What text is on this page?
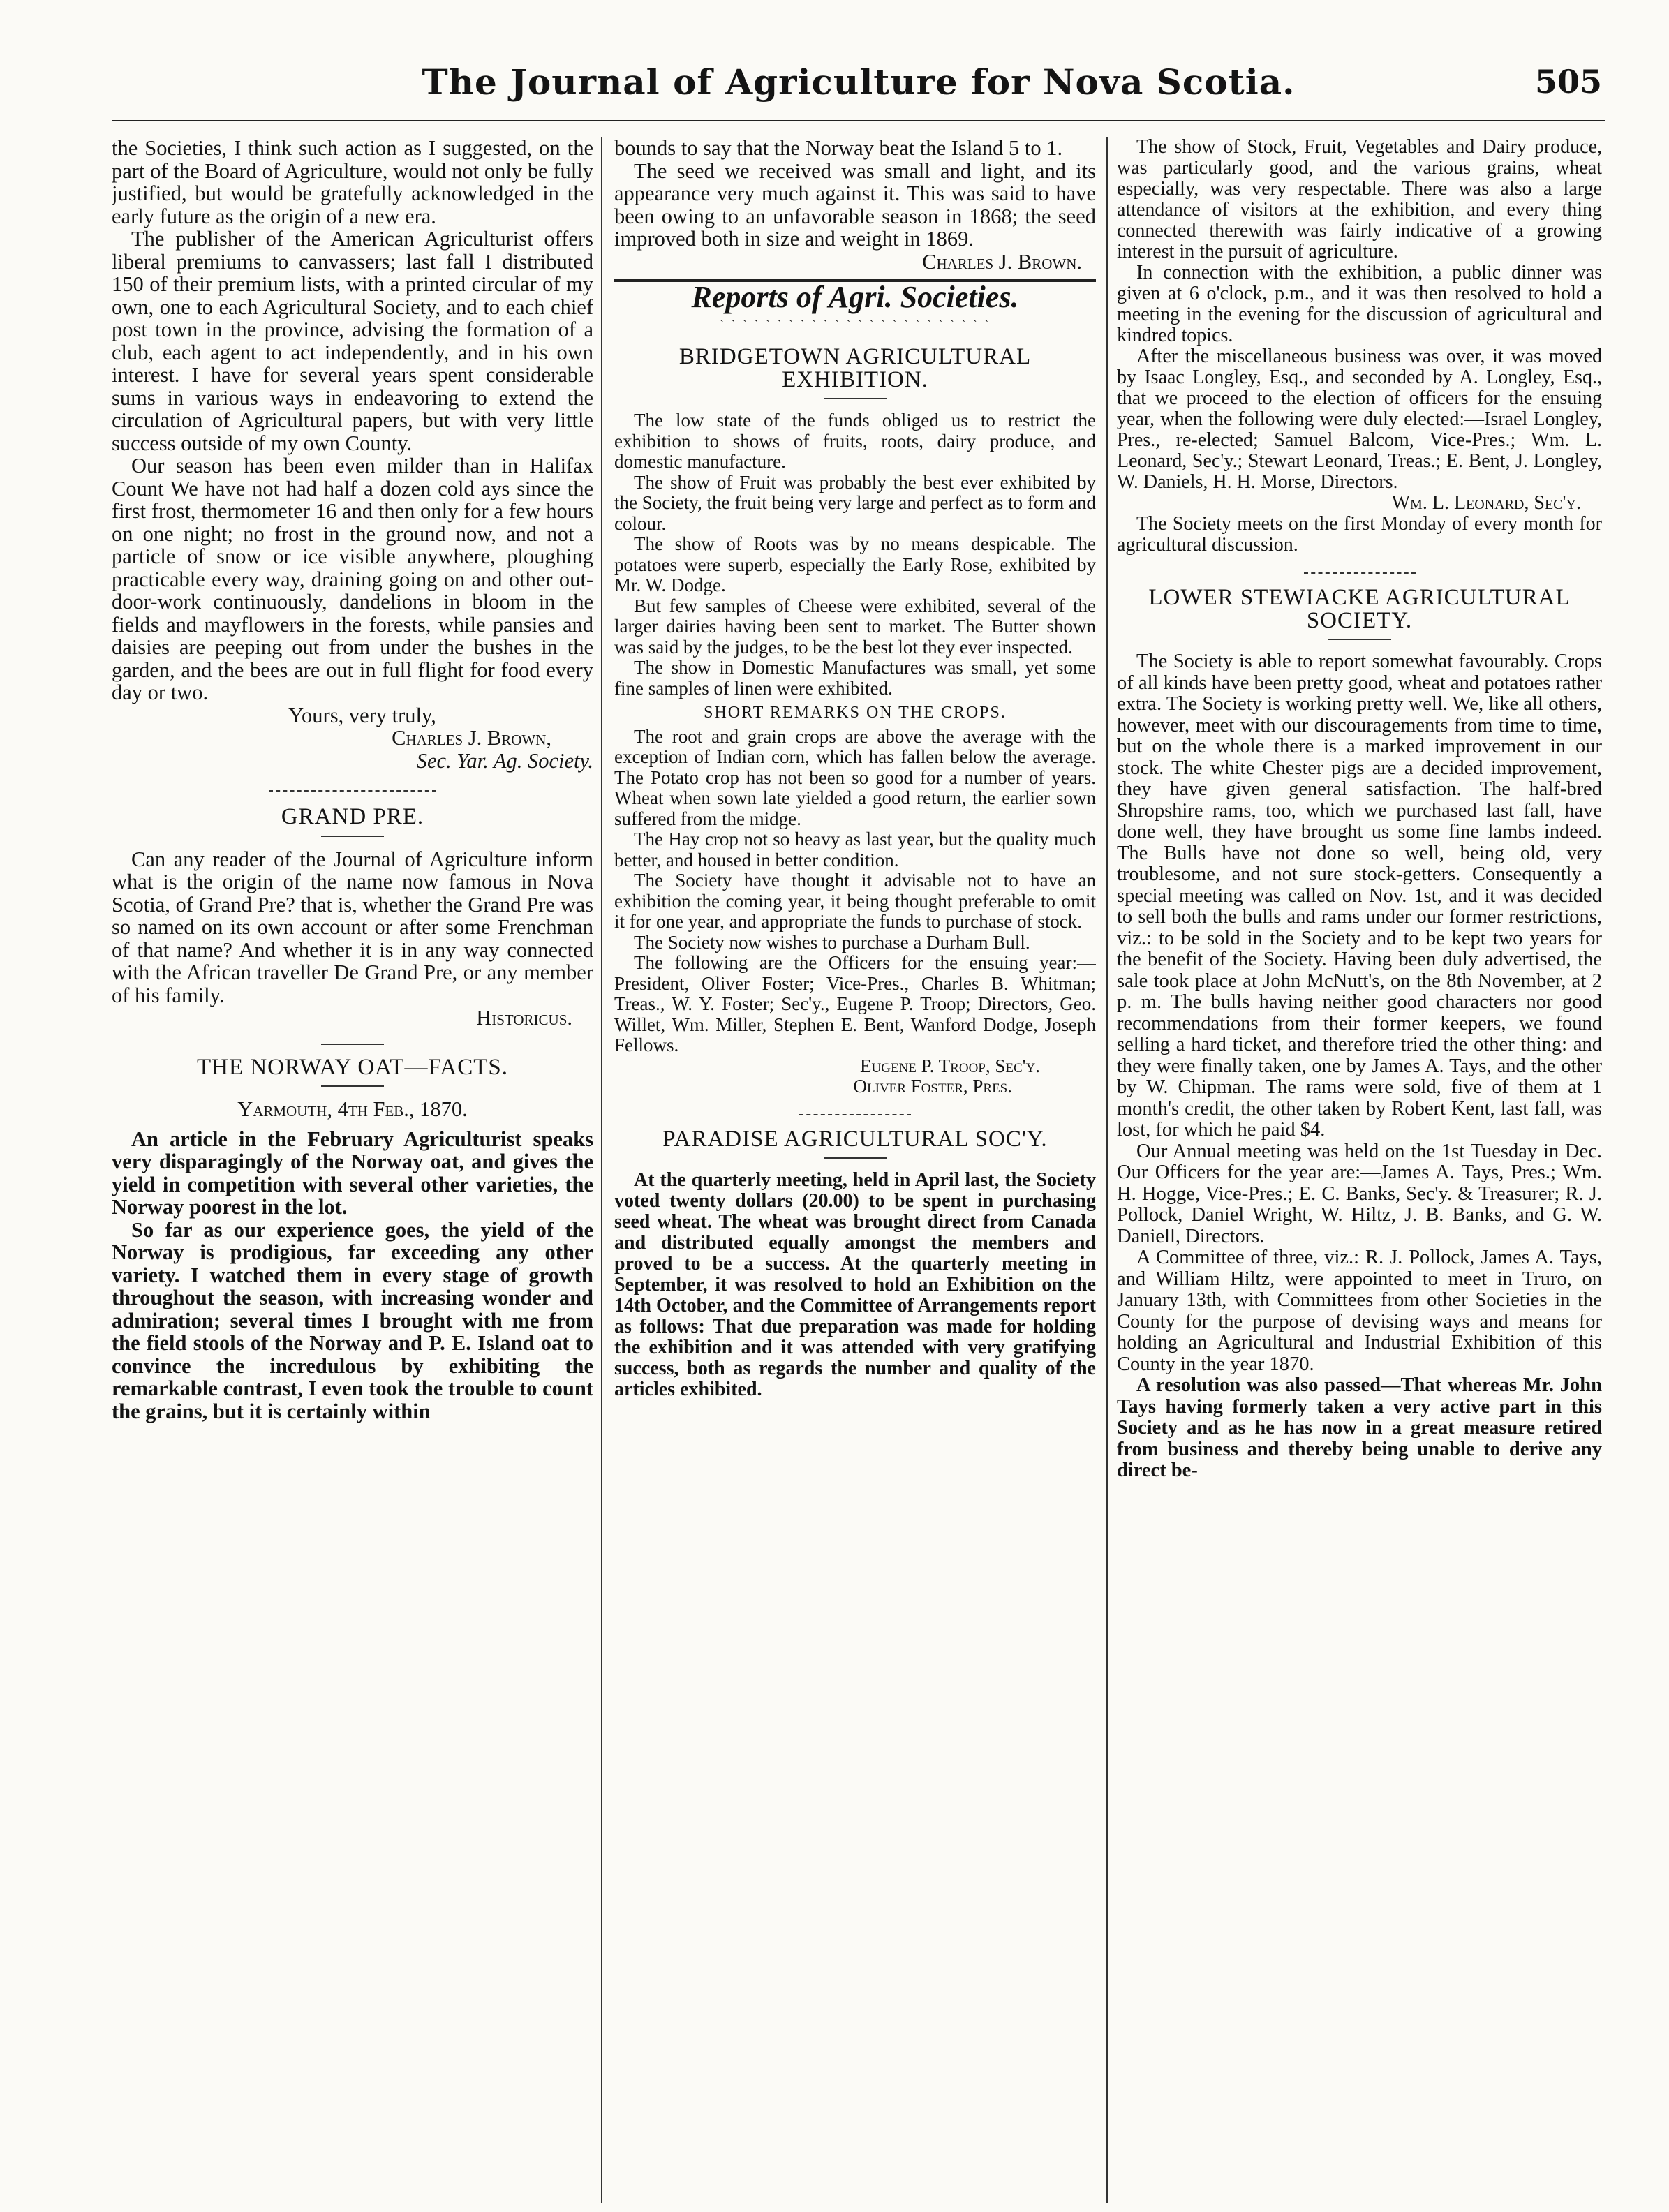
The Journal of Agriculture for Nova Scotia.	505

the Societies, I think such action as I suggested, on the part of the Board of Agriculture, would not only be fully justified, but would be gratefully acknowledged in the early future as the origin of a new era.

The publisher of the American Agriculturist offers liberal premiums to canvassers; last fall I distributed 150 of their premium lists, with a printed circular of my own, one to each Agricultural Society, and to each chief post town in the province, advising the formation of a club, each agent to act independently, and in his own interest. I have for several years spent considerable sums in various ways in endeavoring to extend the circulation of Agricultural papers, but with very little success outside of my own County.

Our season has been even milder than in Halifax Count We have not had half a dozen cold ays since the first frost, thermometer 16 and then only for a few hours on one night; no frost in the ground now, and not a particle of snow or ice visible anywhere, ploughing practicable every way, draining going on and other out-door-work continuously, dandelions in bloom in the fields and mayflowers in the forests, while pansies and daisies are peeping out from under the bushes in the garden, and the bees are out in full flight for food every day or two.

Yours, very truly,

Charles J. Brown,

Sec. Yar. Ag. Society.

GRAND PRE.

Can any reader of the Journal of Agriculture inform what is the origin of the name now famous in Nova Scotia, of Grand Pre? that is, whether the Grand Pre was so named on its own account or after some Frenchman of that name? And whether it is in any way connected with the African traveller De Grand Pre, or any member of his family.

Historicus.

THE NORWAY OAT—FACTS.
Yarmouth, 4th Feb., 1870.

An article in the February Agriculturist speaks very disparagingly of the Norway oat, and gives the yield in competition with several other varieties, the Norway poorest in the lot.

So far as our experience goes, the yield of the Norway is prodigious, far exceeding any other variety. I watched them in every stage of growth throughout the season, with increasing wonder and admiration; several times I brought with me from the field stools of the Norway and P. E. Island oat to convince the incredulous by exhibiting the remarkable contrast, I even took the trouble to count the grains, but it is certainly within

bounds to say that the Norway beat the Island 5 to 1.

The seed we received was small and light, and its appearance very much against it. This was said to have been owing to an unfavorable season in 1868; the seed improved both in size and weight in 1869.

Charles J. Brown.

Reports of Agri. Societies.
` ` ` ` ` ` ` ` ` ` ` ` ` ` ` ` ` ` ` ` ` ` ` `
BRIDGETOWN AGRICULTURAL EXHIBITION.

The low state of the funds obliged us to restrict the exhibition to shows of fruits, roots, dairy produce, and domestic manufacture.

The show of Fruit was probably the best ever exhibited by the Society, the fruit being very large and perfect as to form and colour.

The show of Roots was by no means despicable. The potatoes were superb, especially the Early Rose, exhibited by Mr. W. Dodge.

But few samples of Cheese were exhibited, several of the larger dairies having been sent to market. The Butter shown was said by the judges, to be the best lot they ever inspected.

The show in Domestic Manufactures was small, yet some fine samples of linen were exhibited.

SHORT REMARKS ON THE CROPS.

The root and grain crops are above the average with the exception of Indian corn, which has fallen below the average. The Potato crop has not been so good for a number of years. Wheat when sown late yielded a good return, the earlier sown suffered from the midge.

The Hay crop not so heavy as last year, but the quality much better, and housed in better condition.

The Society have thought it advisable not to have an exhibition the coming year, it being thought preferable to omit it for one year, and appropriate the funds to purchase of stock.

The Society now wishes to purchase a Durham Bull.

The following are the Officers for the ensuing year:—President, Oliver Foster; Vice-Pres., Charles B. Whitman; Treas., W. Y. Foster; Sec'y., Eugene P. Troop; Directors, Geo. Willet, Wm. Miller, Stephen E. Bent, Wanford Dodge, Joseph Fellows.

Eugene P. Troop, Sec'y.

Oliver Foster, Pres.

PARADISE AGRICULTURAL SOC'Y.

At the quarterly meeting, held in April last, the Society voted twenty dollars (20.00) to be spent in purchasing seed wheat. The wheat was brought direct from Canada and distributed equally amongst the members and proved to be a success. At the quarterly meeting in September, it was resolved to hold an Exhibition on the 14th October, and the Committee of Arrangements report as follows: That due preparation was made for holding the exhibition and it was attended with very gratifying success, both as regards the number and quality of the articles exhibited.

The show of Stock, Fruit, Vegetables and Dairy produce, was particularly good, and the various grains, wheat especially, was very respectable. There was also a large attendance of visitors at the exhibition, and every thing connected therewith was fairly indicative of a growing interest in the pursuit of agriculture.

In connection with the exhibition, a public dinner was given at 6 o'clock, p.m., and it was then resolved to hold a meeting in the evening for the discussion of agricultural and kindred topics.

After the miscellaneous business was over, it was moved by Isaac Longley, Esq., and seconded by A. Longley, Esq., that we proceed to the election of officers for the ensuing year, when the following were duly elected:—Israel Longley, Pres., re-elected; Samuel Balcom, Vice-Pres.; Wm. L. Leonard, Sec'y.; Stewart Leonard, Treas.; E. Bent, J. Longley, W. Daniels, H. H. Morse, Directors.

Wm. L. Leonard, Sec'y.

The Society meets on the first Monday of every month for agricultural discussion.

LOWER STEWIACKE AGRICULTURAL SOCIETY.

The Society is able to report somewhat favourably. Crops of all kinds have been pretty good, wheat and potatoes rather extra. The Society is working pretty well. We, like all others, however, meet with our discouragements from time to time, but on the whole there is a marked improvement in our stock. The white Chester pigs are a decided improvement, they have given general satisfaction. The half-bred Shropshire rams, too, which we purchased last fall, have done well, they have brought us some fine lambs indeed. The Bulls have not done so well, being old, very troublesome, and not sure stock-getters. Consequently a special meeting was called on Nov. 1st, and it was decided to sell both the bulls and rams under our former restrictions, viz.: to be sold in the Society and to be kept two years for the benefit of the Society. Having been duly advertised, the sale took place at John McNutt's, on the 8th November, at 2 p. m. The bulls having neither good characters nor good recommendations from their former keepers, we found selling a hard ticket, and therefore tried the other thing: and they were finally taken, one by James A. Tays, and the other by W. Chipman. The rams were sold, five of them at 1 month's credit, the other taken by Robert Kent, last fall, was lost, for which he paid $4.

Our Annual meeting was held on the 1st Tuesday in Dec. Our Officers for the year are:—James A. Tays, Pres.; Wm. H. Hogge, Vice-Pres.; E. C. Banks, Sec'y. & Treasurer; R. J. Pollock, Daniel Wright, W. Hiltz, J. B. Banks, and G. W. Daniell, Directors.

A Committee of three, viz.: R. J. Pollock, James A. Tays, and William Hiltz, were appointed to meet in Truro, on January 13th, with Committees from other Societies in the County for the purpose of devising ways and means for holding an Agricultural and Industrial Exhibition of this County in the year 1870.

A resolution was also passed—That whereas Mr. John Tays having formerly taken a very active part in this Society and as he has now in a great measure retired from business and thereby being unable to derive any direct be-
